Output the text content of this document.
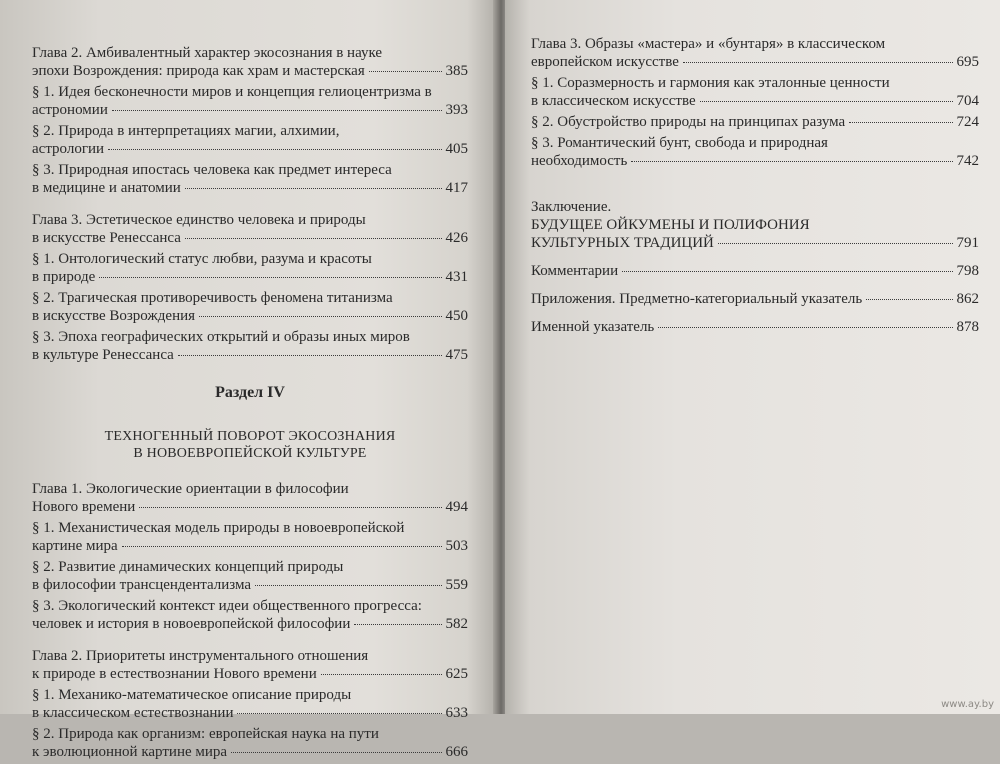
Глава 2. Амбивалентный характер экосознания в науке
эпохи Возрождения: природа как храм и мастерская	385
§ 1. Идея бесконечности миров и концепция гелиоцентризма в
астрономии	393
§ 2. Природа в интерпретациях магии, алхимии,
астрологии	405
§ 3. Природная ипостась человека как предмет интереса
в медицине и анатомии	417
Глава 3. Эстетическое единство человека и природы
в искусстве Ренессанса	426
§ 1. Онтологический статус любви, разума и красоты
в природе	431
§ 2. Трагическая противоречивость феномена титанизма
в искусстве Возрождения	450
§ 3. Эпоха географических открытий и образы иных миров
в культуре Ренессанса	475
Раздел IV
ТЕХНОГЕННЫЙ ПОВОРОТ ЭКОСОЗНАНИЯ
В НОВОЕВРОПЕЙСКОЙ КУЛЬТУРЕ
Глава 1. Экологические ориентации в философии
Нового времени	494
§ 1. Механистическая модель природы в новоевропейской
картине мира	503
§ 2. Развитие динамических концепций природы
в философии трансцендентализма	559
§ 3. Экологический контекст идеи общественного прогресса:
человек и история в новоевропейской философии	582
Глава 2. Приоритеты инструментального отношения
к природе в естествознании Нового времени	625
§ 1. Механико-математическое описание природы
в классическом естествознании	633
§ 2. Природа как организм: европейская наука на пути
к эволюционной картине мира	666
Глава 3. Образы «мастера» и «бунтаря» в классическом
европейском искусстве	695
§ 1. Соразмерность и гармония как эталонные ценности
в классическом искусстве	704
§ 2. Обустройство природы на принципах разума	724
§ 3. Романтический бунт, свобода и природная
необходимость	742
Заключение.
БУДУЩЕЕ ОЙКУМЕНЫ И ПОЛИФОНИЯ
КУЛЬТУРНЫХ ТРАДИЦИЙ	791
Комментарии	798
Приложения. Предметно-категориальный указатель	862
Именной указатель	878
www.ay.by
